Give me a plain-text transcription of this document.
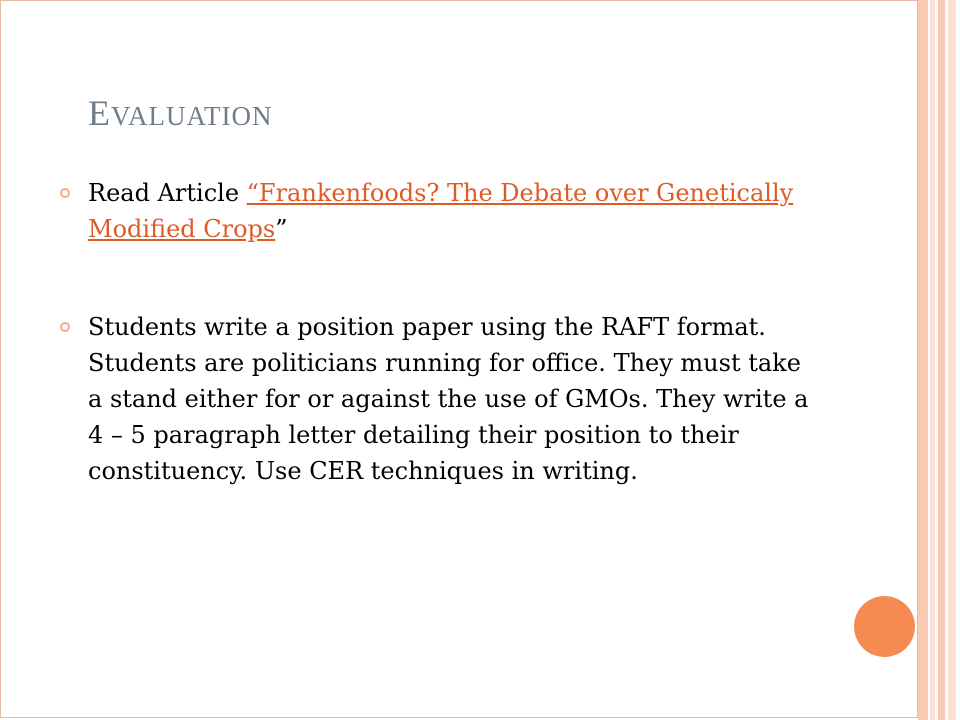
EVALUATION
Read Article “Frankenfoods? The Debate over Genetically Modified Crops”
Students write a position paper using the RAFT format. Students are politicians running for office. They must take a stand either for or against the use of GMOs. They write a 4 – 5 paragraph letter detailing their position to their constituency. Use CER techniques in writing.
